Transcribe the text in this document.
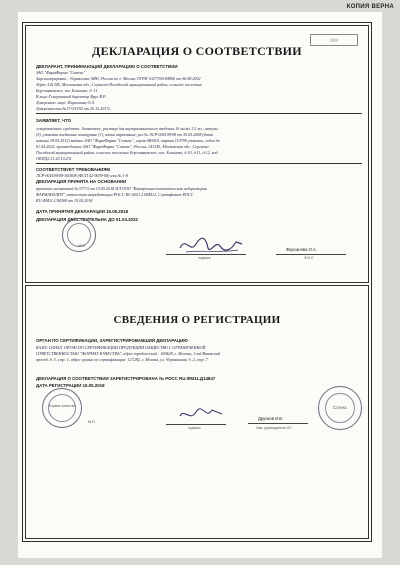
КОПИЯ ВЕРНА
▒▒▒▒
ДЕКЛАРАЦИЯ О СООТВЕТСТВИИ
ДЕКЛАРАНТ, ПРИНИМАЮЩИЙ ДЕКЛАРАЦИЮ О СООТВЕТСТВИИ
ЗАО "ФармФирма "Сотекс"
Зарегистрирован : Управление МНС России по г. Москве ОГРН 1027700184960 от 06.08.2002
Адрес:141345, Московская обл., Сергиево-Посадский муниципальный район, сельское поселение
Березняковское, пос Белиново, д. 11.
В лице:Генеральный директор Ярус В.Р.
Доверенное лицо: Фирсанова О.А.
Доверенность:№17-03/192 от 20.12.2017г.
ЗАЯВЛЯЕТ, ЧТО
лекарственное средство: Амикотекс, раствор для внутримышечного введения 10 мг/мл 1.5 мл , ампулы
(5), упаковки ячейковые контурные (1), пачки картонные, рег.№ ЛСР-004199/08 от 30.05.2008 (дата
замены 18.05.2012) выдано ЗАО "ФармФирма "Сотекс", серия 080418, партия 110799 упаковок, годен до
01.04.2022, произведенное ЗАО "ФармФирма "Сотекс", Россия, 141345, Московская обл., Сергиево-
Посадский муниципальный район, сельское поселение Березняковское, пос. Белиново, д.10, д.11, д.12, код
ОКПД2 21.20.10.231
СООТВЕТСТВУЕТ ТРЕБОВАНИЯМ
ЛСР-004199/08-300508 (ФСП 42-9039-08) изм № 1-8
ДЕКЛАРАЦИЯ ПРИНЯТА НА ОСНОВАНИИ
протокол испытаний № 977/3 от 15.05.2018 ИЛ ООО "Контрольно-аналитическая лаборатория
ФАРМАНАЛИТ", аттестат аккредитации РОСС RU.0001.21ФМ12, Сертификат РОСС
RU.ФМ11.С84368 от 15.05.2018
ДАТА ПРИНЯТИЯ ДЕКЛАРАЦИИ 15.05.2018
ДЕКЛАРАЦИЯ ДЕЙСТВИТЕЛЬНА ДО 01.04.2022
М.П.
подпись
Фирсанова О.А.
Ф.И.О
СВЕДЕНИЯ О РЕГИСТРАЦИИ
ОРГАН ПО СЕРТИФИКАЦИИ, ЗАРЕГИСТРИРОВАВШИЙ ДЕКЛАРАЦИЮ
RA.RU.11ФМ11 ОРГАН ПО СЕРТИФИКАЦИИ ПРОДУКЦИИ ОБЩЕСТВО С ОГРАНИЧЕННОЙ
ОТВЕТСТВЕННОСТЬЮ "ФОРМАТ КАЧЕСТВА", адрес юридический : 109428, г. Москва, 1-ый Вязовский
проезд, д. 5, стр. 1, адрес органа по сертификации: 127282, г. Москва, ул. Чермянская, д. 2, стр. 7
ДЕКЛАРАЦИЯ О СООТВЕТСТВИИ ЗАРЕГИСТРИРОВАНА № РОСС RU.ФМ11.Д14847
ДАТА РЕГИСТРАЦИИ 15.05.2018
Формат качества
М.П.
подпись
Друнков И.В.
Зам. руководителя ОС
Сотекс
